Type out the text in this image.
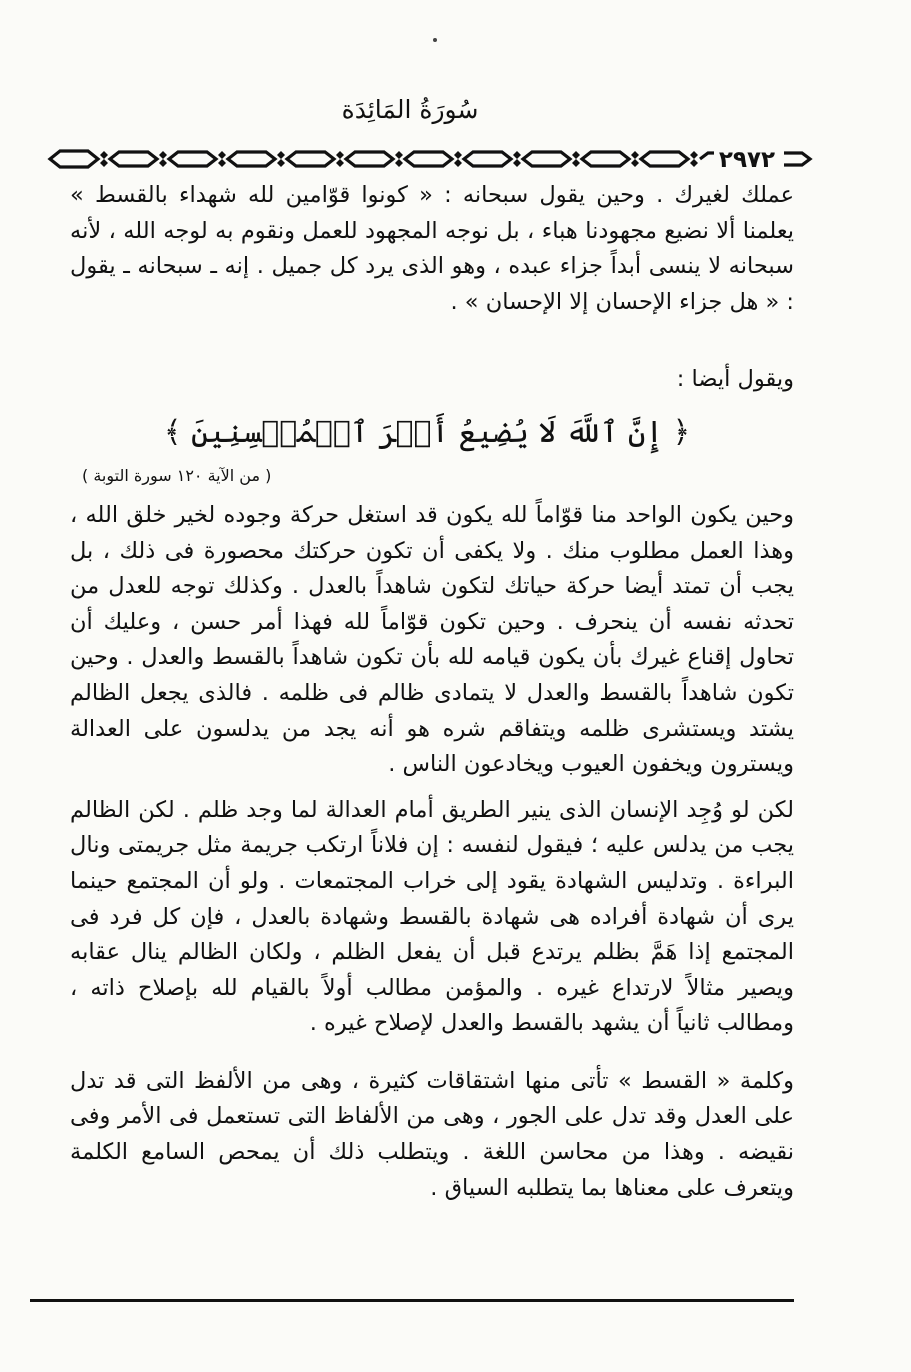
سُورَةُ المَائِدَة
٢٩٧٢

عملك لغيرك . وحين يقول سبحانه : « كونوا قوّامين لله شهداء بالقسط » يعلمنا ألا نضيع مجهودنا هباء ، بل نوجه المجهود للعمل ونقوم به لوجه الله ، لأنه سبحانه لا ينسى أبداً جزاء عبده ، وهو الذى يرد كل جميل . إنه ـ سبحانه ـ يقول : « هل جزاء الإحسان إلا الإحسان » .

ويقول أيضا :

﴿ إِنَّ ٱللَّهَ لَا يُضِيعُ أَجۡرَ ٱلۡمُحۡسِنِينَ ﴾
( من الآية ١٢٠ سورة التوبة )

وحين يكون الواحد منا قوّاماً لله يكون قد استغل حركة وجوده لخير خلق الله ، وهذا العمل مطلوب منك . ولا يكفى أن تكون حركتك محصورة فى ذلك ، بل يجب أن تمتد أيضا حركة حياتك لتكون شاهداً بالعدل . وكذلك توجه للعدل من تحدثه نفسه أن ينحرف . وحين تكون قوّاماً لله فهذا أمر حسن ، وعليك أن تحاول إقناع غيرك بأن يكون قيامه لله بأن تكون شاهداً بالقسط والعدل . وحين تكون شاهداً بالقسط والعدل لا يتمادى ظالم فى ظلمه . فالذى يجعل الظالم يشتد ويستشرى ظلمه ويتفاقم شره هو أنه يجد من يدلسون على العدالة ويسترون ويخفون العيوب ويخادعون الناس .

لكن لو وُجِد الإنسان الذى ينير الطريق أمام العدالة لما وجد ظلم . لكن الظالم يجب من يدلس عليه ؛ فيقول لنفسه : إن فلاناً ارتكب جريمة مثل جريمتى ونال البراءة . وتدليس الشهادة يقود إلى خراب المجتمعات . ولو أن المجتمع حينما يرى أن شهادة أفراده هى شهادة بالقسط وشهادة بالعدل ، فإن كل فرد فى المجتمع إذا هَمَّ بظلم يرتدع قبل أن يفعل الظلم ، ولكان الظالم ينال عقابه ويصير مثالاً لارتداع غيره . والمؤمن مطالب أولاً بالقيام لله بإصلاح ذاته ، ومطالب ثانياً أن يشهد بالقسط والعدل لإصلاح غيره .

وكلمة « القسط » تأتى منها اشتقاقات كثيرة ، وهى من الألفظ التى قد تدل على العدل وقد تدل على الجور ، وهى من الألفاظ التى تستعمل فى الأمر وفى نقيضه . وهذا من محاسن اللغة . ويتطلب ذلك أن يمحص السامع الكلمة ويتعرف على معناها بما يتطلبه السياق .
